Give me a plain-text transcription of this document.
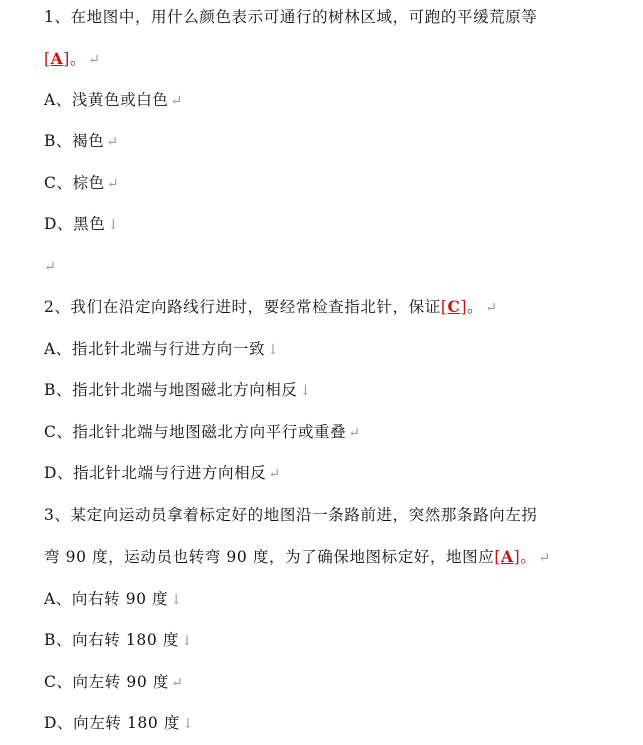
1、在地图中，用什么颜色表示可通行的树林区域，可跑的平缓荒原等
[A]。 ↵
A、浅黄色或白色 ↵
B、褐色 ↵
C、棕色 ↵
D、黑色 ↓
↵
2、我们在沿定向路线行进时，要经常检查指北针，保证[C]。 ↵
A、指北针北端与行进方向一致 ↓
B、指北针北端与地图磁北方向相反 ↓
C、指北针北端与地图磁北方向平行或重叠 ↵
D、指北针北端与行进方向相反 ↵
3、某定向运动员拿着标定好的地图沿一条路前进，突然那条路向左拐
弯 90 度，运动员也转弯 90 度，为了确保地图标定好，地图应[A]。 ↵
A、向右转 90 度 ↓
B、向右转 180 度 ↓
C、向左转 90 度 ↵
D、向左转 180 度 ↓
